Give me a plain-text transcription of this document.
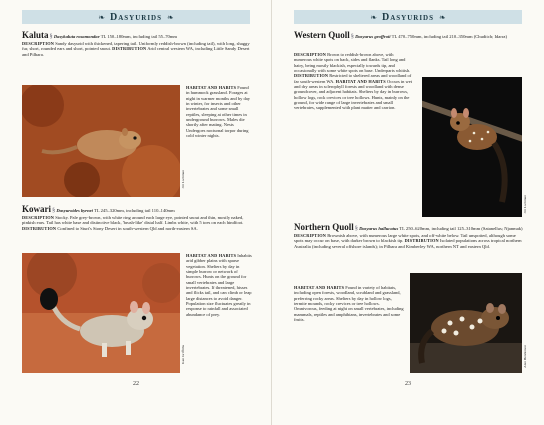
❧ Dasyurids ❧

Kaluta § Dasykaluta rosamondae TL 150–180mm, including tail 55–70mm

DESCRIPTION Sandy dasyurid with thickened, tapering tail. Uniformly reddish-brown (including tail), with long, shaggy fur, short, rounded ears and short, pointed snout. DISTRIBUTION Arid central western WA, including Little Sandy Desert and Pilbara.

Jiri Lochman
HABITAT AND HABITS Found in hummock grassland. Forages at night in warmer months and by day in winter, for insects and other invertebrates and some small reptiles, sleeping at other times in underground burrows. Males die shortly after mating. Nests Undergoes nocturnal torpor during cold winter nights.

Kowari § Dasyuroides byrnei TL 245–320mm, including tail 110–140mm

DESCRIPTION Stocky. Pale grey-brown, with white ring around each large eye, pointed snout and thin, mostly naked, pinkish ears. Tail has white base and distinctive black, 'brush-like' distal half. Limbs white, with 5 toes on each hindfoot. DISTRIBUTION Confined to Sturt's Stony Desert in south-western Qld and north-eastern SA.

Ken Griffiths
HABITAT AND HABITS Inhabits arid gibber plains with sparse vegetation. Shelters by day in simple burrow or network of burrows. Hunts on the ground for small vertebrates and large invertebrates. If threatened, hisses and flicks tail, and can climb or leap large distances to avoid danger. Population size fluctuates greatly in response to rainfall and associated abundance of prey.
22
❧ Dasyurids ❧

Western Quoll § Dasyurus geoffroii TL 470–750mm, including tail 210–350mm (Chuditch; Idarra)

DESCRIPTION Brown to reddish-brown above, with numerous white spots on back, sides and flanks. Tail long and hairy, being mostly blackish, especially towards tip, and occasionally with some white spots on base. Underparts whitish. DISTRIBUTION Restricted to sheltered areas and woodland of far south-western WA. HABITAT AND HABITS Occurs in wet and dry areas in sclerophyll forests and woodland with dense groundcover, and adjacent habitats. Shelters by day in burrows, hollow logs, rock crevices or tree hollows. Hunts, mainly on the ground, for wide range of large invertebrates and small vertebrates, supplemented with plant matter and carrion.
Jiri Lochman

Northern Quoll § Dasyurus hallucatus TL 250–620mm, including tail 125–310mm (Satanellus; Njanmak)

DESCRIPTION Brownish above, with numerous large white spots, and off-white below. Tail unspotted, although some spots may occur on base, with darker brown to blackish tip. DISTRIBUTION Isolated populations across tropical northern Australia (including several offshore islands); in Pilbara and Kimberley WA, northern NT and eastern Qld.

HABITAT AND HABITS Found in variety of habitats, including open forests, woodland, scrubland and grassland, preferring rocky areas. Shelters by day in hollow logs, termite mounds, rocky crevices or tree hollows. Omnivorous, feeding at night on small vertebrates, including mammals, reptiles and amphibians, invertebrates and some fruits.
Alan Henderson
23
